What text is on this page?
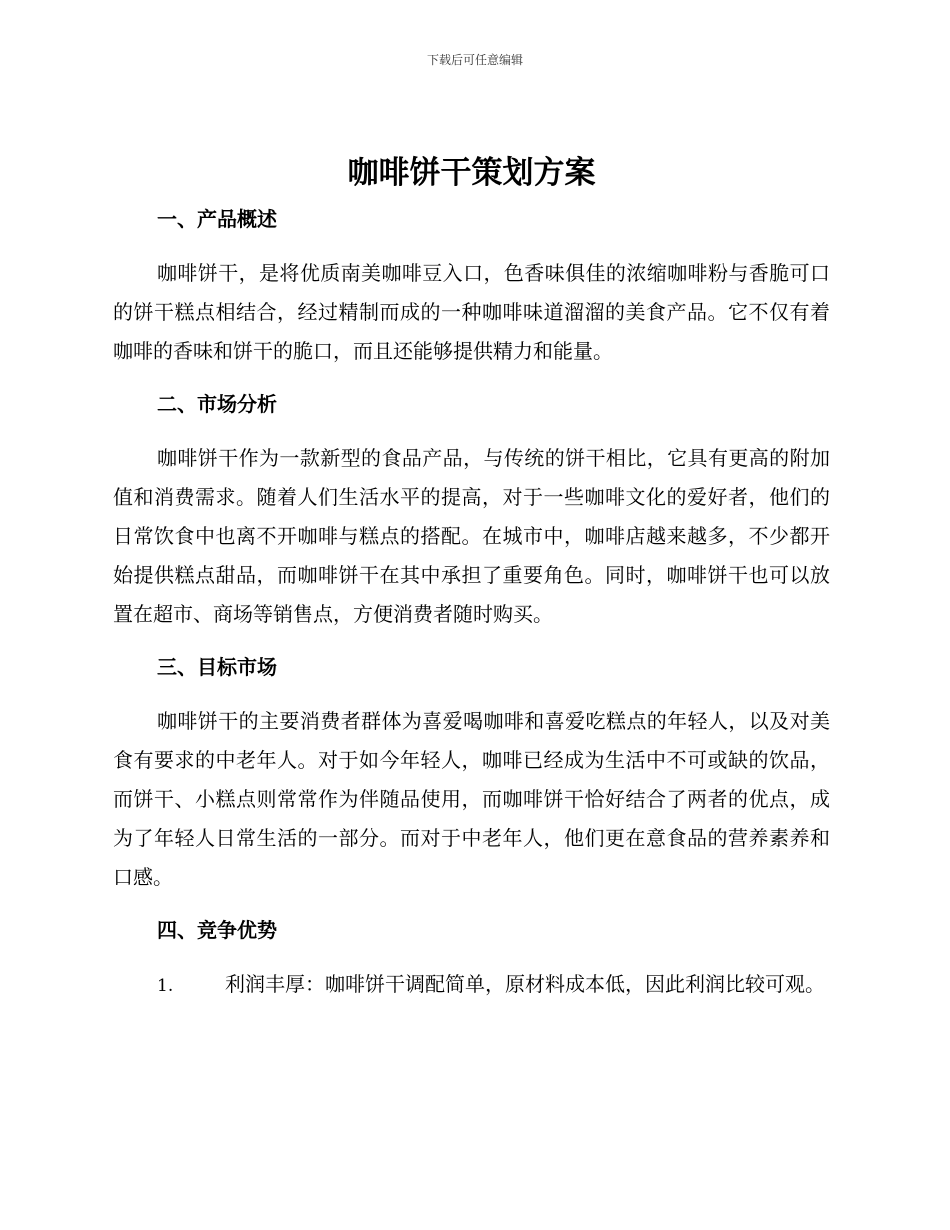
下载后可任意编辑
咖啡饼干策划方案
一、产品概述

咖啡饼干，是将优质南美咖啡豆入口，色香味俱佳的浓缩咖啡粉与香脆可口的饼干糕点相结合，经过精制而成的一种咖啡味道溜溜的美食产品。它不仅有着咖啡的香味和饼干的脆口，而且还能够提供精力和能量。

二、市场分析

咖啡饼干作为一款新型的食品产品，与传统的饼干相比，它具有更高的附加值和消费需求。随着人们生活水平的提高，对于一些咖啡文化的爱好者，他们的日常饮食中也离不开咖啡与糕点的搭配。在城市中，咖啡店越来越多，不少都开始提供糕点甜品，而咖啡饼干在其中承担了重要角色。同时，咖啡饼干也可以放置在超市、商场等销售点，方便消费者随时购买。

三、目标市场

咖啡饼干的主要消费者群体为喜爱喝咖啡和喜爱吃糕点的年轻人，以及对美食有要求的中老年人。对于如今年轻人，咖啡已经成为生活中不可或缺的饮品，而饼干、小糕点则常常作为伴随品使用，而咖啡饼干恰好结合了两者的优点，成为了年轻人日常生活的一部分。而对于中老年人，他们更在意食品的营养素养和口感。

四、竞争优势

1.	利润丰厚：咖啡饼干调配简单，原材料成本低，因此利润比较可观。
